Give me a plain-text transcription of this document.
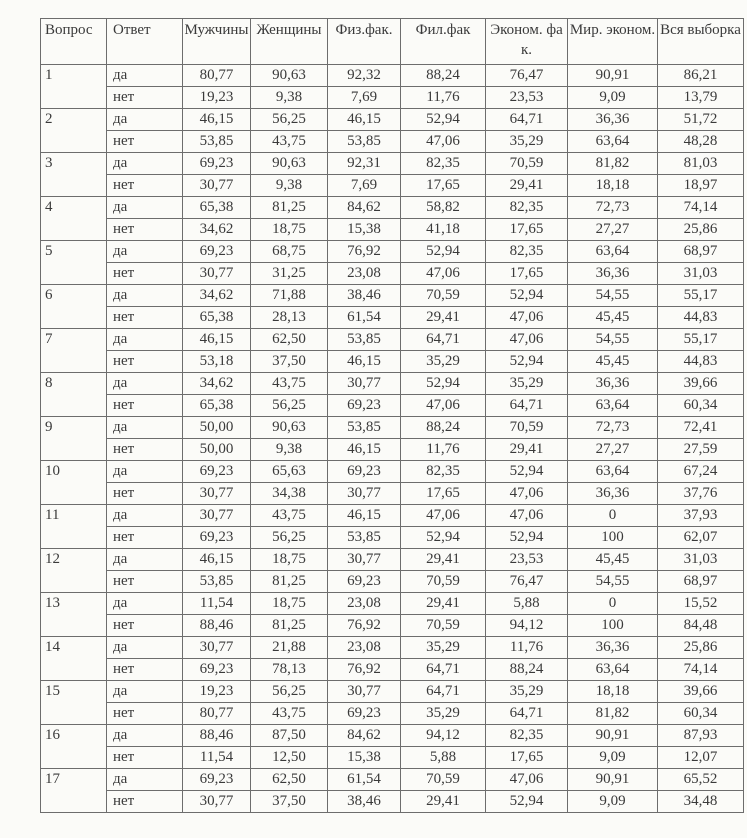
Вопрос	Ответ	Мужчины	Женщины	Физ.фак.	Фил.фак	Эконом. фак.	Мир. эконом.	Вся выборка
1	да	80,77	90,63	92,32	88,24	76,47	90,91	86,21
	нет	19,23	9,38	7,69	11,76	23,53	9,09	13,79
2	да	46,15	56,25	46,15	52,94	64,71	36,36	51,72
	нет	53,85	43,75	53,85	47,06	35,29	63,64	48,28
3	да	69,23	90,63	92,31	82,35	70,59	81,82	81,03
	нет	30,77	9,38	7,69	17,65	29,41	18,18	18,97
4	да	65,38	81,25	84,62	58,82	82,35	72,73	74,14
	нет	34,62	18,75	15,38	41,18	17,65	27,27	25,86
5	да	69,23	68,75	76,92	52,94	82,35	63,64	68,97
	нет	30,77	31,25	23,08	47,06	17,65	36,36	31,03
6	да	34,62	71,88	38,46	70,59	52,94	54,55	55,17
	нет	65,38	28,13	61,54	29,41	47,06	45,45	44,83
7	да	46,15	62,50	53,85	64,71	47,06	54,55	55,17
	нет	53,18	37,50	46,15	35,29	52,94	45,45	44,83
8	да	34,62	43,75	30,77	52,94	35,29	36,36	39,66
	нет	65,38	56,25	69,23	47,06	64,71	63,64	60,34
9	да	50,00	90,63	53,85	88,24	70,59	72,73	72,41
	нет	50,00	9,38	46,15	11,76	29,41	27,27	27,59
10	да	69,23	65,63	69,23	82,35	52,94	63,64	67,24
	нет	30,77	34,38	30,77	17,65	47,06	36,36	37,76
11	да	30,77	43,75	46,15	47,06	47,06	0	37,93
	нет	69,23	56,25	53,85	52,94	52,94	100	62,07
12	да	46,15	18,75	30,77	29,41	23,53	45,45	31,03
	нет	53,85	81,25	69,23	70,59	76,47	54,55	68,97
13	да	11,54	18,75	23,08	29,41	5,88	0	15,52
	нет	88,46	81,25	76,92	70,59	94,12	100	84,48
14	да	30,77	21,88	23,08	35,29	11,76	36,36	25,86
	нет	69,23	78,13	76,92	64,71	88,24	63,64	74,14
15	да	19,23	56,25	30,77	64,71	35,29	18,18	39,66
	нет	80,77	43,75	69,23	35,29	64,71	81,82	60,34
16	да	88,46	87,50	84,62	94,12	82,35	90,91	87,93
	нет	11,54	12,50	15,38	5,88	17,65	9,09	12,07
17	да	69,23	62,50	61,54	70,59	47,06	90,91	65,52
	нет	30,77	37,50	38,46	29,41	52,94	9,09	34,48
